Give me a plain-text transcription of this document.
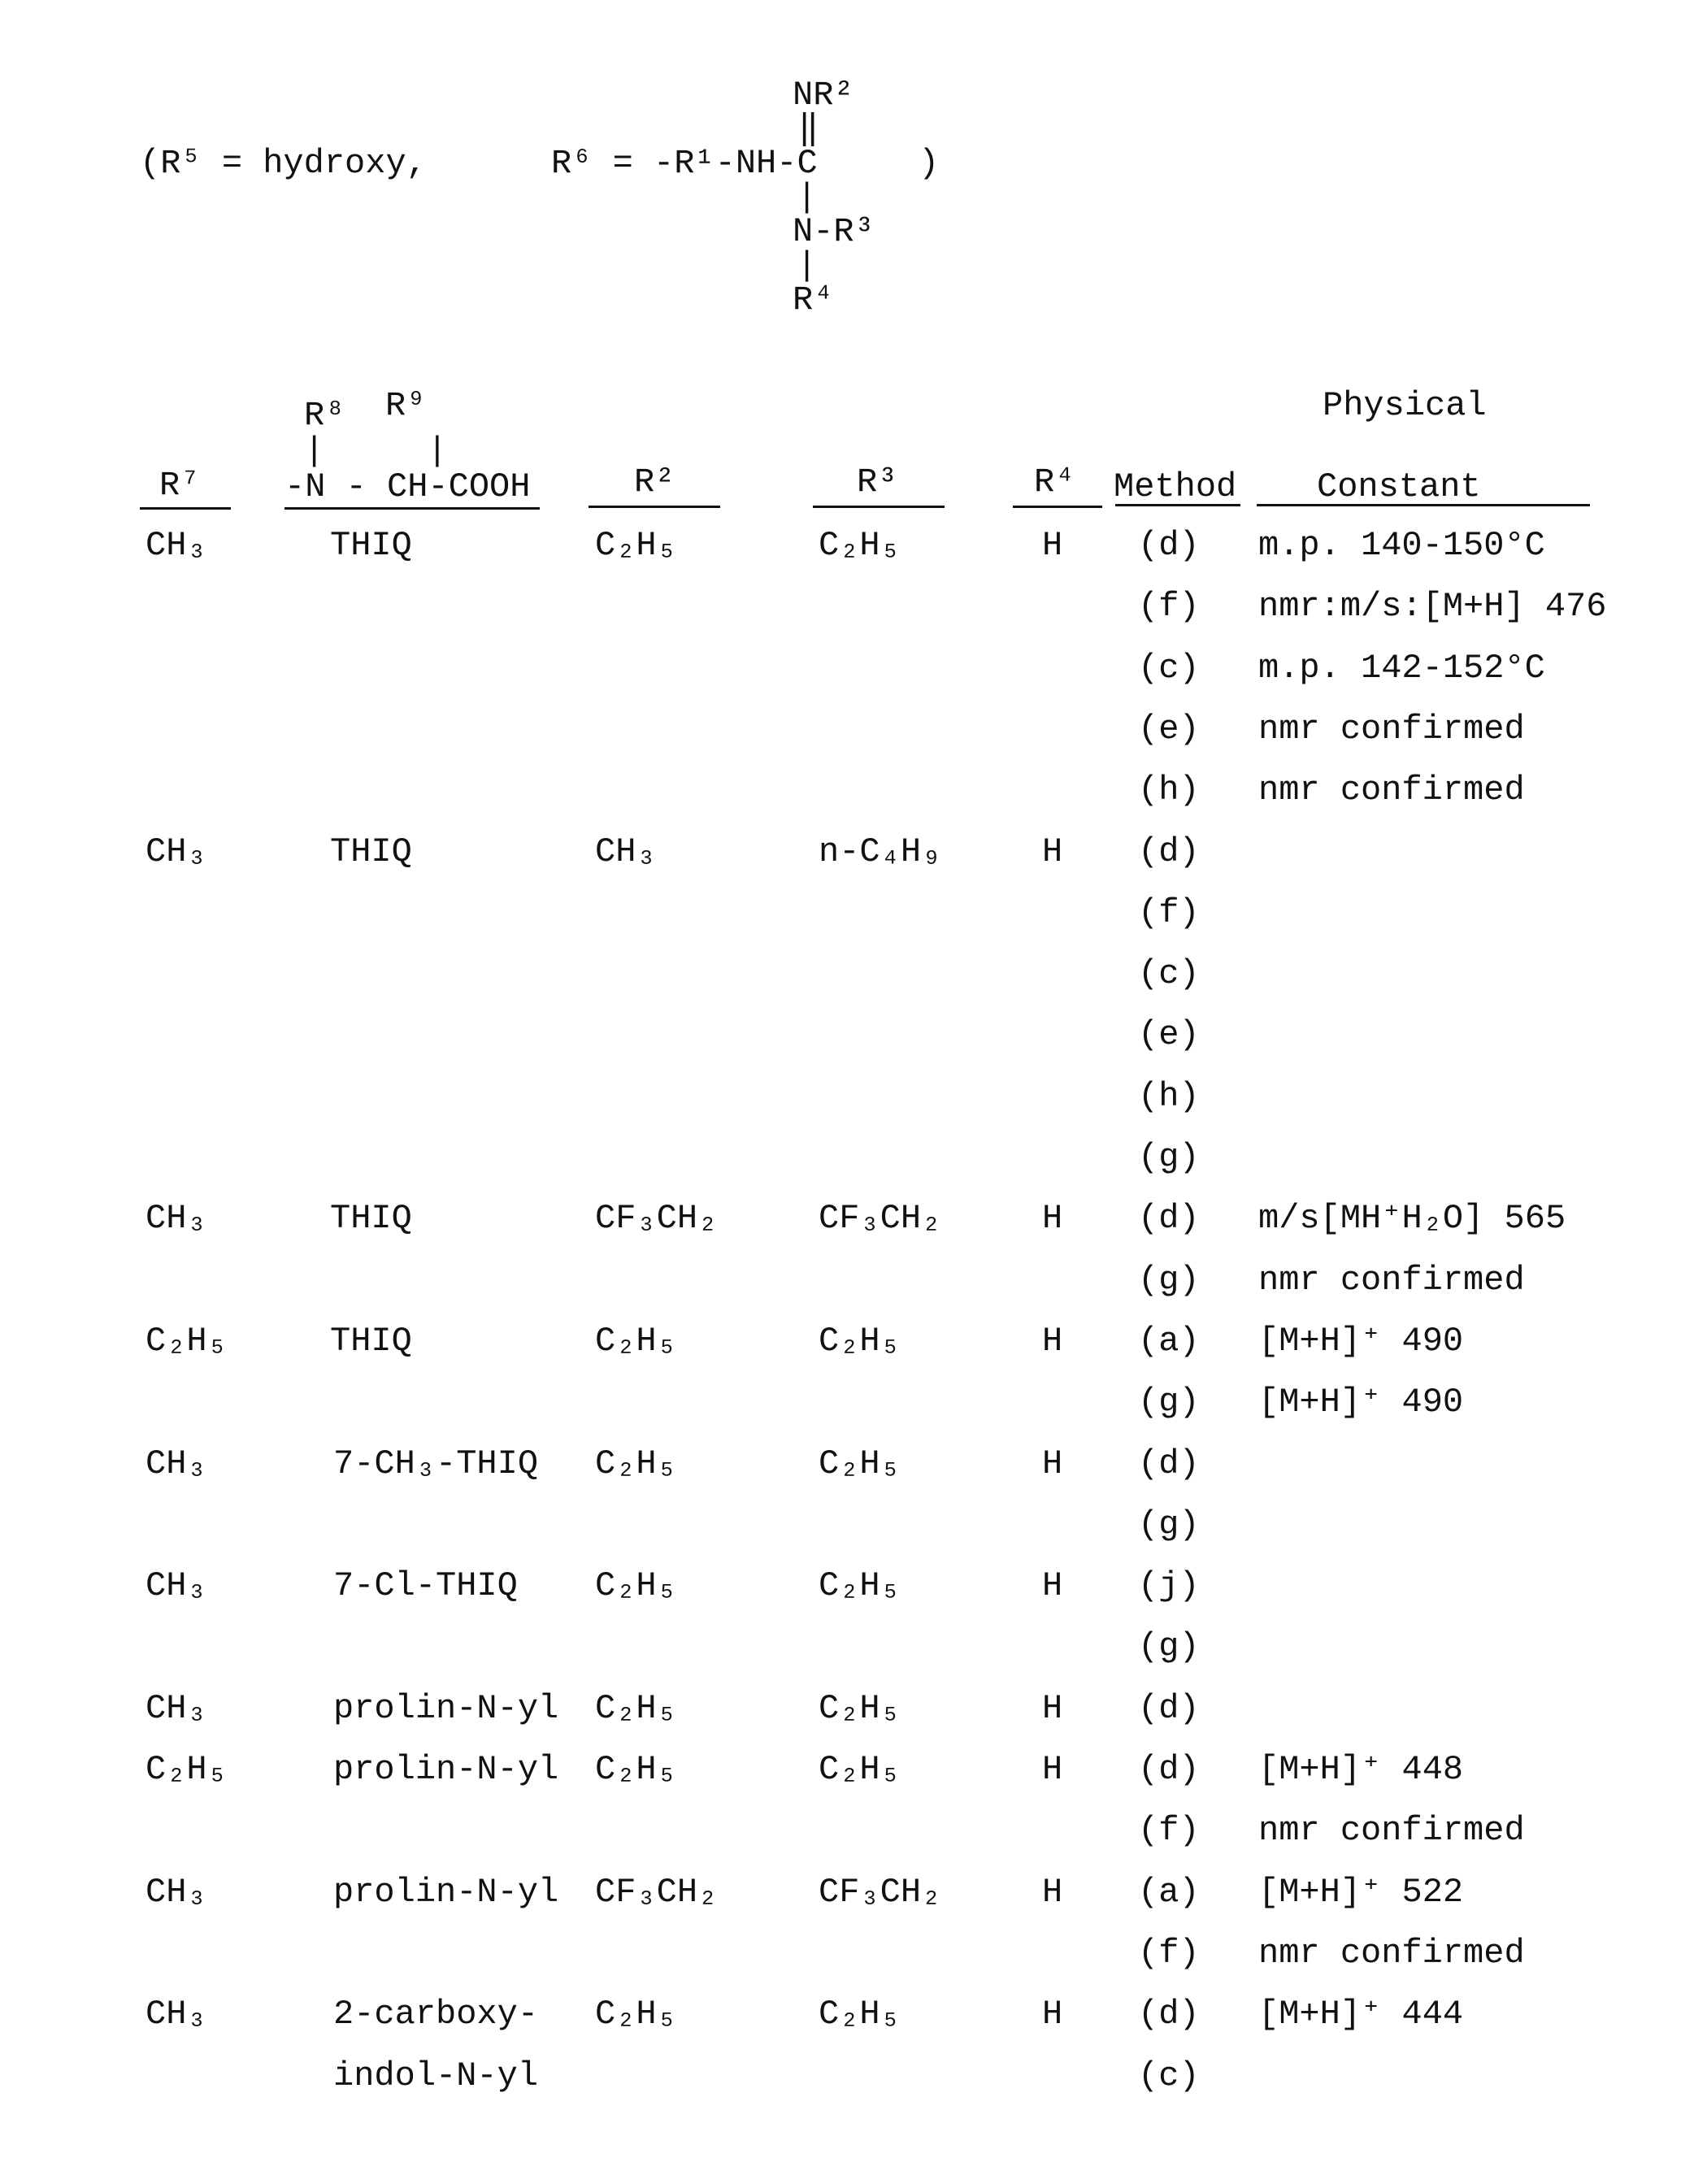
NR²
‖
(R⁵ = hydroxy,	R⁶ = -R¹-NH-C	)
|
N-R³
|
R⁴
Physical
R⁸ R⁹
|     |
R⁷ -N - CH-COOH	R²	R³	R⁴ Method Constant
CH₃	THIQ	C₂H₅	C₂H₅	H (d) m.p. 140-150°C
(f) nmr:m/s:[M+H] 476
(c) m.p. 142-152°C
(e) nmr confirmed
(h) nmr confirmed
CH₃	THIQ	CH₃	n-C₄H₉	H (d)
(f)
(c)
(e)
(h)
(g)
CH₃	THIQ	CF₃CH₂	CF₃CH₂	H (d) m/s[MH⁺H₂O] 565
(g) nmr confirmed
C₂H₅	THIQ	C₂H₅	C₂H₅	H (a) [M+H]⁺ 490
(g) [M+H]⁺ 490
CH₃	7-CH₃-THIQ C₂H₅	C₂H₅	H (d)
(g)
CH₃	7-Cl-THIQ C₂H₅	C₂H₅	H (j)
(g)
CH₃	prolin-N-yl C₂H₅	C₂H₅	H (d)
C₂H₅	prolin-N-yl C₂H₅	C₂H₅	H (d) [M+H]⁺ 448
(f) nmr confirmed
CH₃	prolin-N-yl CF₃CH₂	CF₃CH₂	H (a) [M+H]⁺ 522
(f) nmr confirmed
CH₃	2-carboxy- C₂H₅	C₂H₅	H (d) [M+H]⁺ 444
indol-N-yl	(c)
